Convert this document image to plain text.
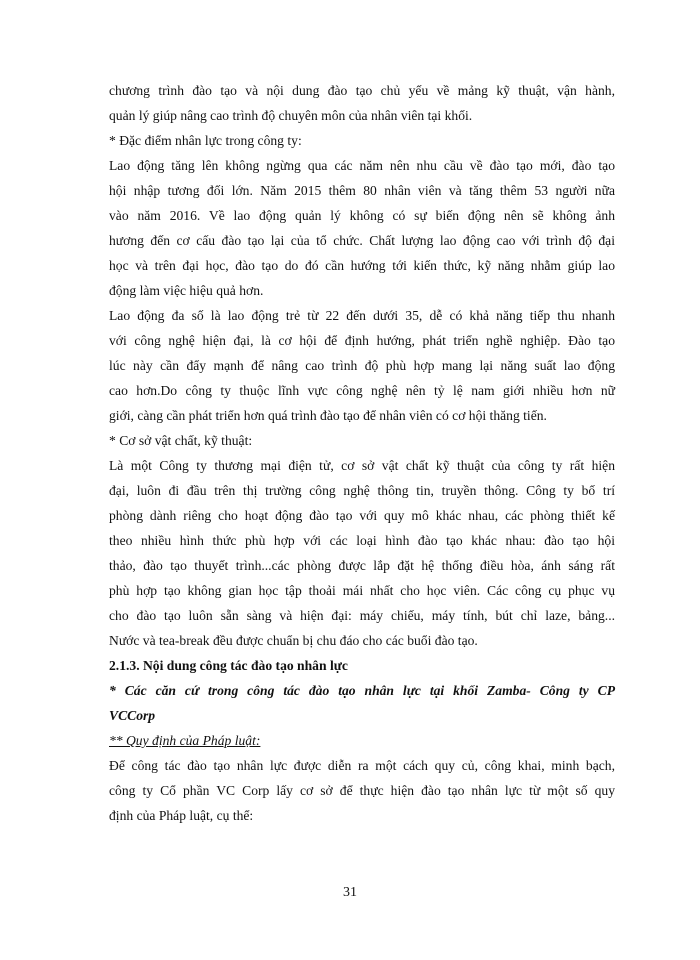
chương trình đào tạo và nội dung đào tạo chủ yếu về mảng kỹ thuật, vận hành,
quản lý giúp nâng cao trình độ chuyên môn của nhân viên tại khối.
* Đặc điểm nhân lực trong công ty:
Lao động tăng lên không ngừng qua các năm nên nhu cầu về đào tạo mới, đào tạo
hội nhập tương đối lớn. Năm 2015 thêm 80 nhân viên và tăng thêm 53 người nữa
vào năm 2016. Về lao động quản lý không có sự biến động nên sẽ không ảnh
hương đến cơ cấu đào tạo lại của tổ chức. Chất lượng lao động cao với trình độ đại
học và trên đại học, đào tạo do đó cần hướng tới kiến thức, kỹ năng nhằm giúp lao
động làm việc hiệu quả hơn.
Lao động đa số là lao động trẻ từ 22 đến dưới 35, dễ có khả năng tiếp thu nhanh
với công nghệ hiện đại, là cơ hội để định hướng, phát triển nghề nghiệp. Đào tạo
lúc này cần đẩy mạnh để nâng cao trình độ phù hợp mang lại năng suất lao động
cao hơn.Do công ty thuộc lĩnh vực công nghệ nên tỷ lệ nam giới nhiều hơn nữ
giới, càng cần phát triển hơn quá trình đào tạo để nhân viên có cơ hội thăng tiến.
* Cơ sở vật chất, kỹ thuật:
Là một Công ty thương mại điện tử, cơ sở vật chất kỹ thuật của công ty rất hiện
đại, luôn đi đầu trên thị trường công nghệ thông tin, truyền thông. Công ty bố trí
phòng dành riêng cho hoạt động đào tạo với quy mô khác nhau, các phòng thiết kế
theo nhiều hình thức phù hợp với các loại hình đào tạo khác nhau: đào tạo hội
thảo, đào tạo thuyết trình...các phòng được lắp đặt hệ thống điều hòa, ánh sáng rất
phù hợp tạo không gian học tập thoải mái nhất cho học viên. Các công cụ phục vụ
cho đào tạo luôn sẵn sàng và hiện đại: máy chiếu, máy tính, bút chỉ laze, bảng...
Nước và tea-break đều được chuẩn bị chu đáo cho các buổi đào tạo.
2.1.3. Nội dung công tác đào tạo nhân lực
* Các căn cứ trong công tác đào tạo nhân lực tại khối Zamba- Công ty CP
VCCorp
** Quy định của Pháp luật:
Để công tác đào tạo nhân lực được diễn ra một cách quy củ, công khai, minh bạch,
công ty Cổ phần VC Corp lấy cơ sở để thực hiện đào tạo nhân lực từ một số quy
định của Pháp luật, cụ thể:
31
